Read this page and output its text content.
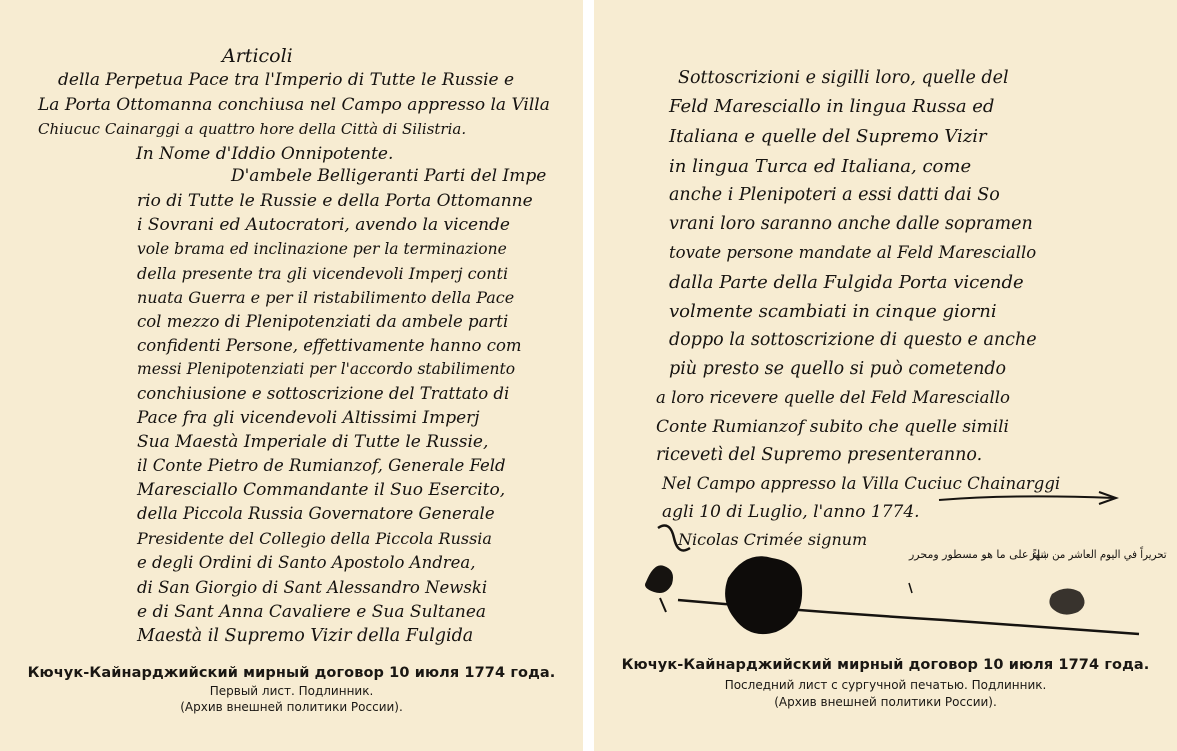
Articoli
della Perpetua Pace tra l'Imperio di Tutte le Russie e
La Porta Ottomanna conchiusa nel Campo appresso la Villa
Chiucuc Cainarggi a quattro hore della Città di Silistria.
In Nome d'Iddio Onnipotente.
D'ambele Belligeranti Parti del Impe
rio di Tutte le Russie e della Porta Ottomanne
i Sovrani ed Autocratori, avendo la vicende
vole brama ed inclinazione per la terminazione
della presente tra gli vicendevoli Imperj conti
nuata Guerra e per il ristabilimento della Pace
col mezzo di Plenipotenziati da ambele parti
confidenti Persone, effettivamente hanno com
messi Plenipotenziati per l'accordo stabilimento
conchiusione e sottoscrizione del Trattato di
Pace fra gli vicendevoli Altissimi Imperj
Sua Maestà Imperiale di Tutte le Russie,
il Conte Pietro de Rumianzof, Generale Feld
Maresciallo Commandante il Suo Esercito,
della Piccola Russia Governatore Generale
Presidente del Collegio della Piccola Russia
e degli Ordini di Santo Apostolo Andrea,
di San Giorgio di Sant Alessandro Newski
e di Sant Anna Cavaliere e Sua Sultanea
Maestà il Supremo Vizir della Fulgida
Кючук-Кайнарджийский мирный договор 10 июля 1774 года.
Первый лист. Подлинник.
(Архив внешней политики России).
Sottoscrizioni e sigilli loro, quelle del
Feld Maresciallo in lingua Russa ed
Italiana e quelle del Supremo Vizir
in lingua Turca ed Italiana, come
anche i Plenipoteri a essi datti dai So
vrani loro saranno anche dalle sopramen
tovate persone mandate al Feld Maresciallo
dalla Parte della Fulgida Porta vicende
volmente scambiati in cinque giorni
doppo la sottoscrizione di questo e anche
più presto se quello si può cometendo
a loro ricevere quelle del Feld Maresciallo
Conte Rumianzof subito che quelle simili
ricevetì del Supremo presenteranno.
Nel Campo appresso la Villa Cuciuc Chainarggi
agli 10 di Luglio, l'anno 1774.
Nicolas Crimée signum
بناءً على ما هو مسطور ومحرر
تحريراً في اليوم العاشر من شهر
Кючук-Кайнарджийский мирный договор 10 июля 1774 года.
Последний лист с сургучной печатью. Подлинник.
(Архив внешней политики России).
